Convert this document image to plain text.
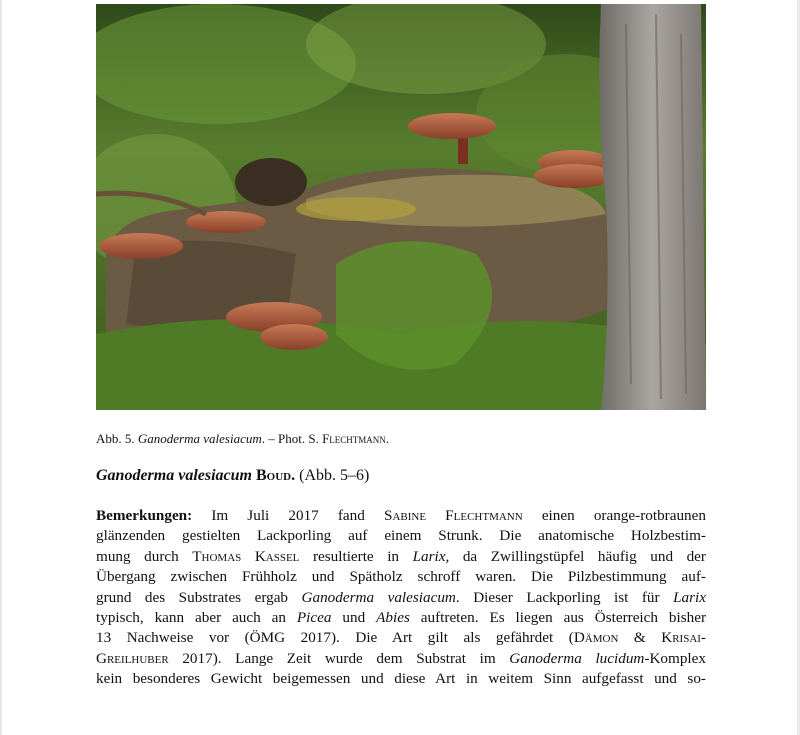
Abb. 5. Ganoderma valesiacum. – Phot. S. Flechtmann.
Ganoderma valesiacum Boud. (Abb. 5–6)
Bemerkungen: Im Juli 2017 fand Sabine Flechtmann einen orange-rotbraunen
glänzenden gestielten Lackporling auf einem Strunk. Die anatomische Holzbestim-
mung durch Thomas Kassel resultierte in Larix, da Zwillingstüpfel häufig und der
Übergang zwischen Frühholz und Spätholz schroff waren. Die Pilzbestimmung auf-
grund des Substrates ergab Ganoderma valesiacum. Dieser Lackporling ist für Larix
typisch, kann aber auch an Picea und Abies auftreten. Es liegen aus Österreich bisher
13 Nachweise vor (ÖMG 2017). Die Art gilt als gefährdet (Dämon & Krisai-
Greilhuber 2017). Lange Zeit wurde dem Substrat im Ganoderma lucidum-Komplex
kein besonderes Gewicht beigemessen und diese Art in weitem Sinn aufgefasst und so-
